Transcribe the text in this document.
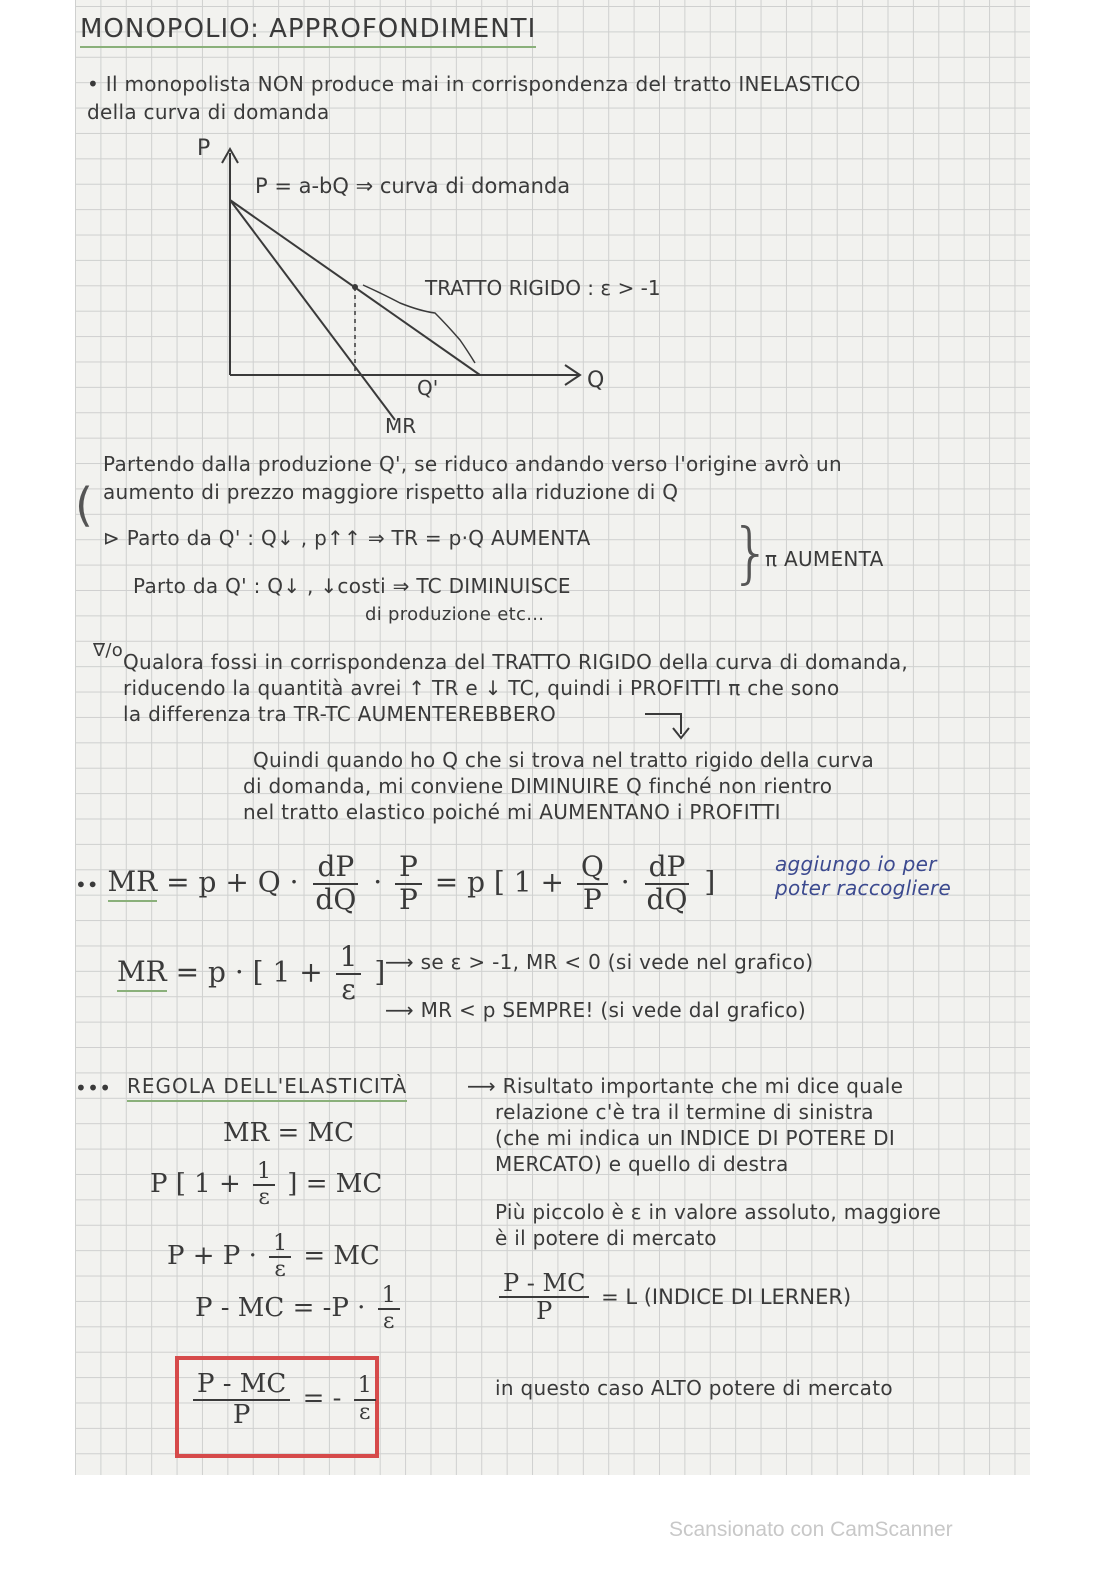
MONOPOLIO: APPROFONDIMENTI
• Il monopolista NON produce mai in corrispondenza del tratto INELASTICO
della curva di domanda
P
Q
P = a-bQ ⇒ curva di domanda
TRATTO RIGIDO : ε > -1
Q'
MR
Partendo dalla produzione Q', se riduco andando verso l'origine avrò un
aumento di prezzo maggiore rispetto alla riduzione di Q
(
⊳ Parto da Q' : Q↓ , p↑↑ ⇒ TR = p·Q AUMENTA
Parto da Q' : Q↓ , ↓costi ⇒ TC DIMINUISCE
di produzione etc...
}
π AUMENTA
∇/o Qualora fossi in corrispondenza del TRATTO RIGIDO della curva di domanda,
riducendo la quantità avrei ↑ TR e ↓ TC, quindi i PROFITTI π che sono
la differenza tra TR-TC AUMENTEREBBERO
Quindi quando ho Q che si trova nel tratto rigido della curva
di domanda, mi conviene DIMINUIRE Q finché non rientro
nel tratto elastico poiché mi AUMENTANO i PROFITTI
•• MR = $p + Q \cdot \frac{dP}{dQ} \cdot \frac{P}{P} = p$ [ $1 + \frac{Q}{P} \cdot \frac{dP}{dQ}$ ]
aggiungo io per
poter raccogliere
MR = p · [ $1 + \frac{1}{\varepsilon}$ ] ⟶ se ε > -1, MR < 0 (si vede nel grafico)
⟶ MR < p SEMPRE! (si vede dal grafico)
••• REGOLA DELL'ELASTICITÀ	⟶ Risultato importante che mi dice quale
relazione c'è tra il termine di sinistra
(che mi indica un INDICE DI POTERE DI
MERCATO) e quello di destra
MR = MC
P [ $1 + \frac{1}{\varepsilon}$ ] = MC
$P + P \cdot \frac{1}{\varepsilon}$ = MC
P - MC = $-P \cdot \frac{1}{\varepsilon}$
Più piccolo è ε in valore assoluto, maggiore
è il potere di mercato
$\frac{P - MC}{P} = L$ (INDICE DI LERNER)
$\frac{P - MC}{P}$ = - $\frac{1}{\varepsilon}$	in questo caso ALTO potere di mercato
Scansionato con CamScanner
